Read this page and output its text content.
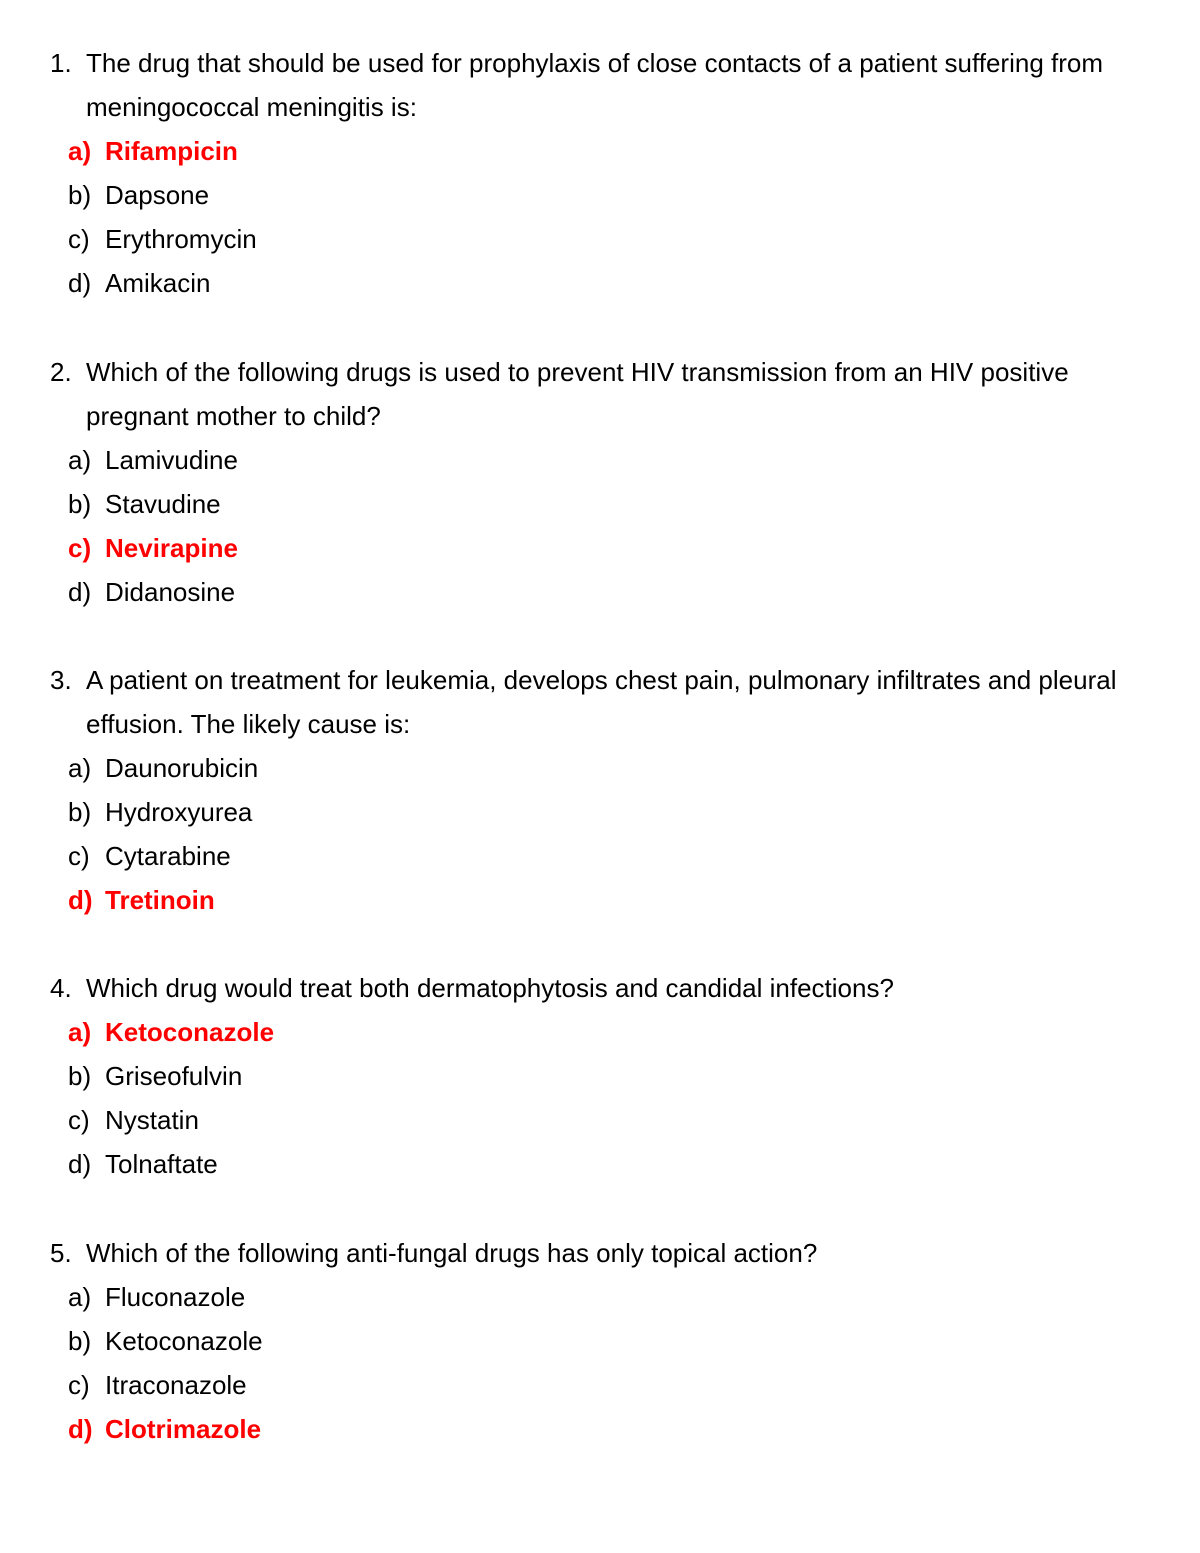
1. The drug that should be used for prophylaxis of close contacts of a patient suffering from meningococcal meningitis is:

a) Rifampicin
b) Dapsone
c) Erythromycin
d) Amikacin

2. Which of the following drugs is used to prevent HIV transmission from an HIV positive pregnant mother to child?

a) Lamivudine
b) Stavudine
c) Nevirapine
d) Didanosine

3. A patient on treatment for leukemia, develops chest pain, pulmonary infiltrates and pleural effusion. The likely cause is:

a) Daunorubicin
b) Hydroxyurea
c) Cytarabine
d) Tretinoin

4. Which drug would treat both dermatophytosis and candidal infections?

a) Ketoconazole
b) Griseofulvin
c) Nystatin
d) Tolnaftate

5. Which of the following anti-fungal drugs has only topical action?

a) Fluconazole
b) Ketoconazole
c) Itraconazole
d) Clotrimazole
